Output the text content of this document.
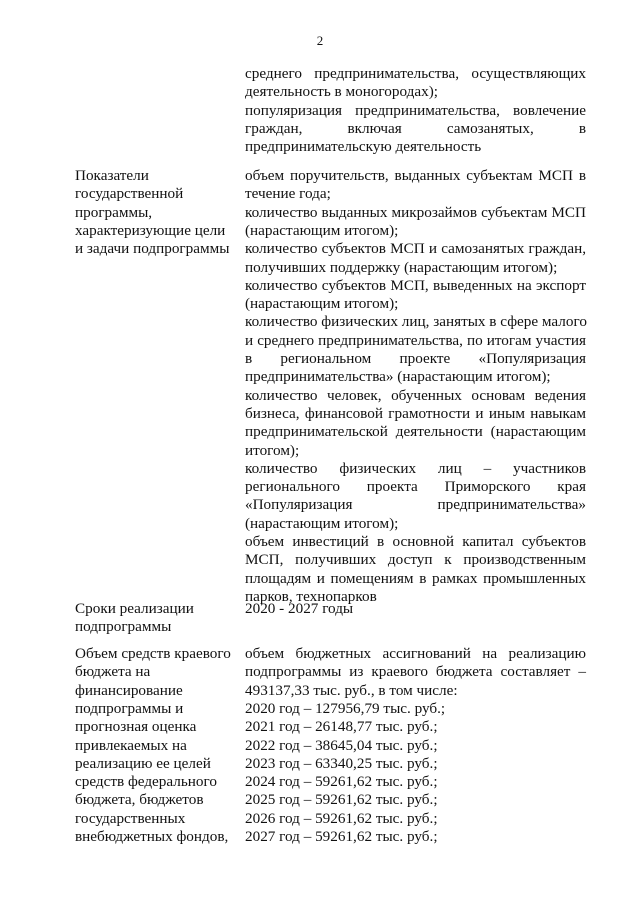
2
среднего предпринимательства, осуществляющих
деятельность в моногородах);
популяризация предпринимательства, вовлечение
граждан, включая самозанятых, в
предпринимательскую деятельность
Показатели
государственной
программы,
характеризующие цели
и задачи подпрограммы
объем поручительств, выданных субъектам МСП в
течение года;
количество выданных микрозаймов субъектам МСП
(нарастающим итогом);
количество субъектов МСП и самозанятых граждан,
получивших поддержку (нарастающим итогом);
количество субъектов МСП, выведенных на экспорт
(нарастающим итогом);
количество физических лиц, занятых в сфере малого
и среднего предпринимательства, по итогам участия
в региональном проекте «Популяризация
предпринимательства» (нарастающим итогом);
количество человек, обученных основам ведения
бизнеса, финансовой грамотности и иным навыкам
предпринимательской деятельности (нарастающим
итогом);
количество физических лиц – участников
регионального проекта Приморского края
«Популяризация предпринимательства»
(нарастающим итогом);
объем инвестиций в основной капитал субъектов
МСП, получивших доступ к производственным
площадям и помещениям в рамках промышленных
парков, технопарков
Сроки реализации
подпрограммы
2020 - 2027 годы
Объем средств краевого
бюджета на
финансирование
подпрограммы и
прогнозная оценка
привлекаемых на
реализацию ее целей
средств федерального
бюджета, бюджетов
государственных
внебюджетных фондов,
объем бюджетных ассигнований на реализацию
подпрограммы из краевого бюджета составляет –
493137,33 тыс. руб., в том числе:
2020 год – 127956,79 тыс. руб.;
2021 год – 26148,77 тыс. руб.;
2022 год – 38645,04 тыс. руб.;
2023 год – 63340,25 тыс. руб.;
2024 год – 59261,62 тыс. руб.;
2025 год – 59261,62 тыс. руб.;
2026 год – 59261,62 тыс. руб.;
2027 год – 59261,62 тыс. руб.;
